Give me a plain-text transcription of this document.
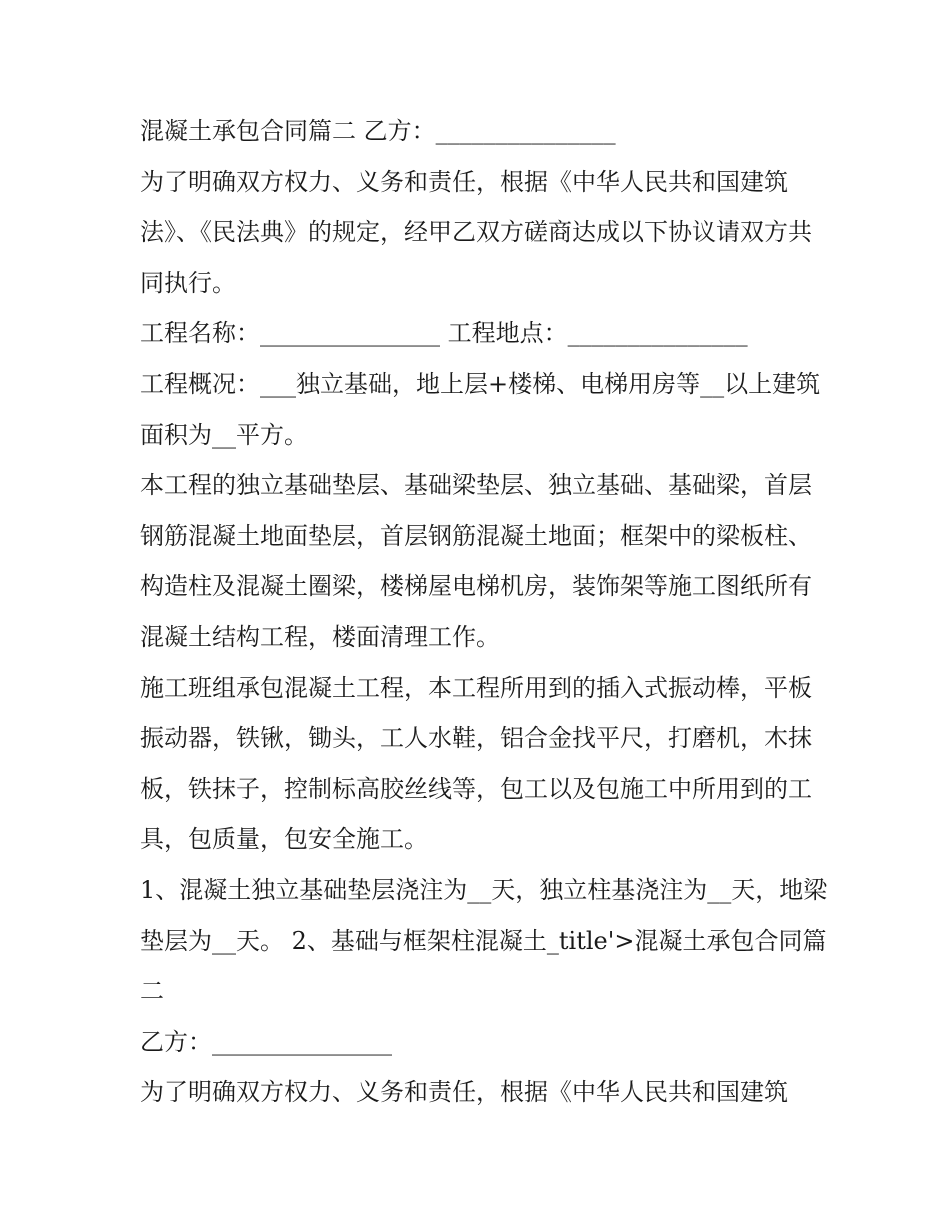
混凝土承包合同篇二 乙方：_______________

为了明确双方权力、义务和责任，根据《中华人民共和国建筑法》、《民法典》的规定，经甲乙双方磋商达成以下协议请双方共同执行。

工程名称：_______________ 工程地点：_______________

工程概况：___独立基础，地上层+楼梯、电梯用房等__以上建筑面积为__平方。

本工程的独立基础垫层、基础梁垫层、独立基础、基础梁，首层钢筋混凝土地面垫层，首层钢筋混凝土地面；框架中的梁板柱、构造柱及混凝土圈梁，楼梯屋电梯机房，装饰架等施工图纸所有混凝土结构工程，楼面清理工作。

施工班组承包混凝土工程，本工程所用到的插入式振动棒，平板振动器，铁锹，锄头，工人水鞋，铝合金找平尺，打磨机，木抹板，铁抹子，控制标高胶丝线等，包工以及包施工中所用到的工具，包质量，包安全施工。

1、混凝土独立基础垫层浇注为__天，独立柱基浇注为__天，地梁垫层为__天。 2、基础与框架柱混凝土_title'>混凝土承包合同篇二

乙方：_______________

为了明确双方权力、义务和责任，根据《中华人民共和国建筑
